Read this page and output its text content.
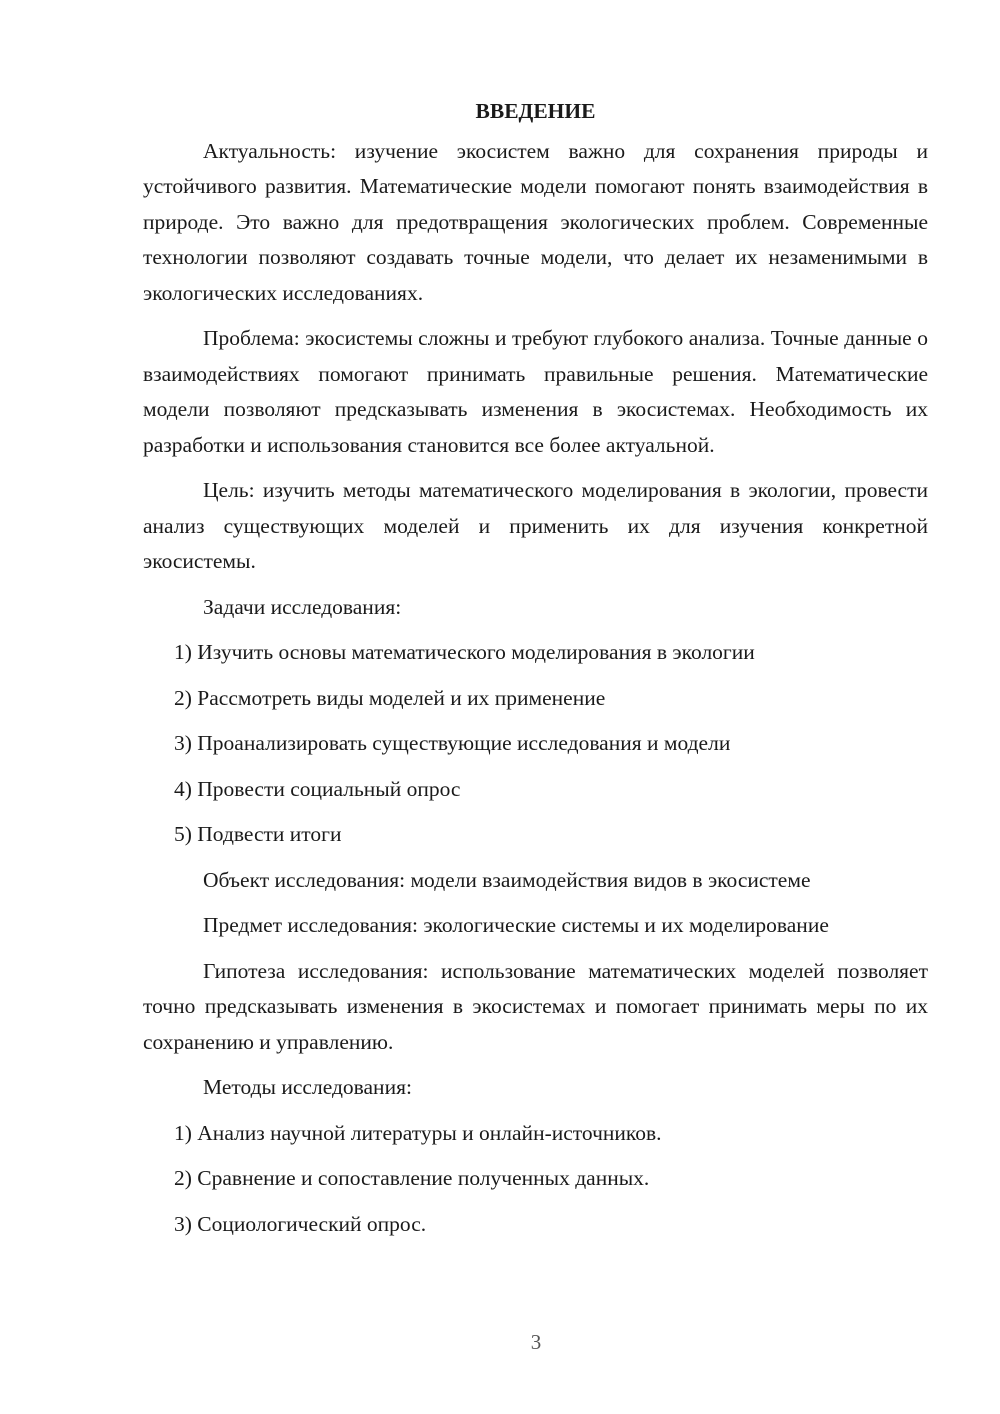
ВВЕДЕНИЕ

Актуальность: изучение экосистем важно для сохранения природы и устойчивого развития. Математические модели помогают понять взаимодействия в природе. Это важно для предотвращения экологических проблем. Современные технологии позволяют создавать точные модели, что делает их незаменимыми в экологических исследованиях.

Проблема: экосистемы сложны и требуют глубокого анализа. Точные данные о взаимодействиях помогают принимать правильные решения. Математические модели позволяют предсказывать изменения в экосистемах. Необходимость их разработки и использования становится все более актуальной.

Цель: изучить методы математического моделирования в экологии, провести анализ существующих моделей и применить их для изучения конкретной экосистемы.

Задачи исследования:

1) Изучить основы математического моделирования в экологии
2) Рассмотреть виды моделей и их применение
3) Проанализировать существующие исследования и модели
4) Провести социальный опрос
5) Подвести итоги

Объект исследования: модели взаимодействия видов в экосистеме

Предмет исследования: экологические системы и их моделирование

Гипотеза исследования: использование математических моделей позволяет точно предсказывать изменения в экосистемах и помогает принимать меры по их сохранению и управлению.

Методы исследования:

1) Анализ научной литературы и онлайн-источников.
2) Сравнение и сопоставление полученных данных.
3) Социологический опрос.
3
